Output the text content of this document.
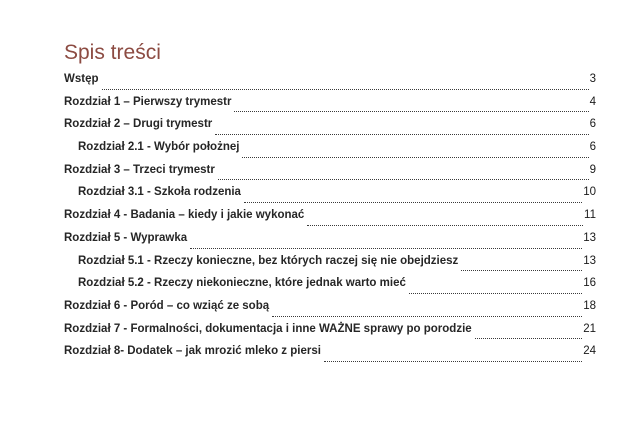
Spis treści
Wstęp	3
Rozdział 1 – Pierwszy trymestr	4
Rozdział 2 – Drugi trymestr	6
Rozdział 2.1 - Wybór położnej	6
Rozdział 3 – Trzeci trymestr	9
Rozdział 3.1 - Szkoła rodzenia	10
Rozdział 4 - Badania – kiedy i jakie wykonać	11
Rozdział 5 - Wyprawka	13
Rozdział 5.1 - Rzeczy konieczne, bez których raczej się nie obejdziesz	13
Rozdział 5.2 - Rzeczy niekonieczne, które jednak warto mieć	16
Rozdział 6 - Poród – co wziąć ze sobą	18
Rozdział 7 - Formalności, dokumentacja i inne WAŻNE sprawy po porodzie	21
Rozdział 8- Dodatek – jak mrozić mleko z piersi	24
